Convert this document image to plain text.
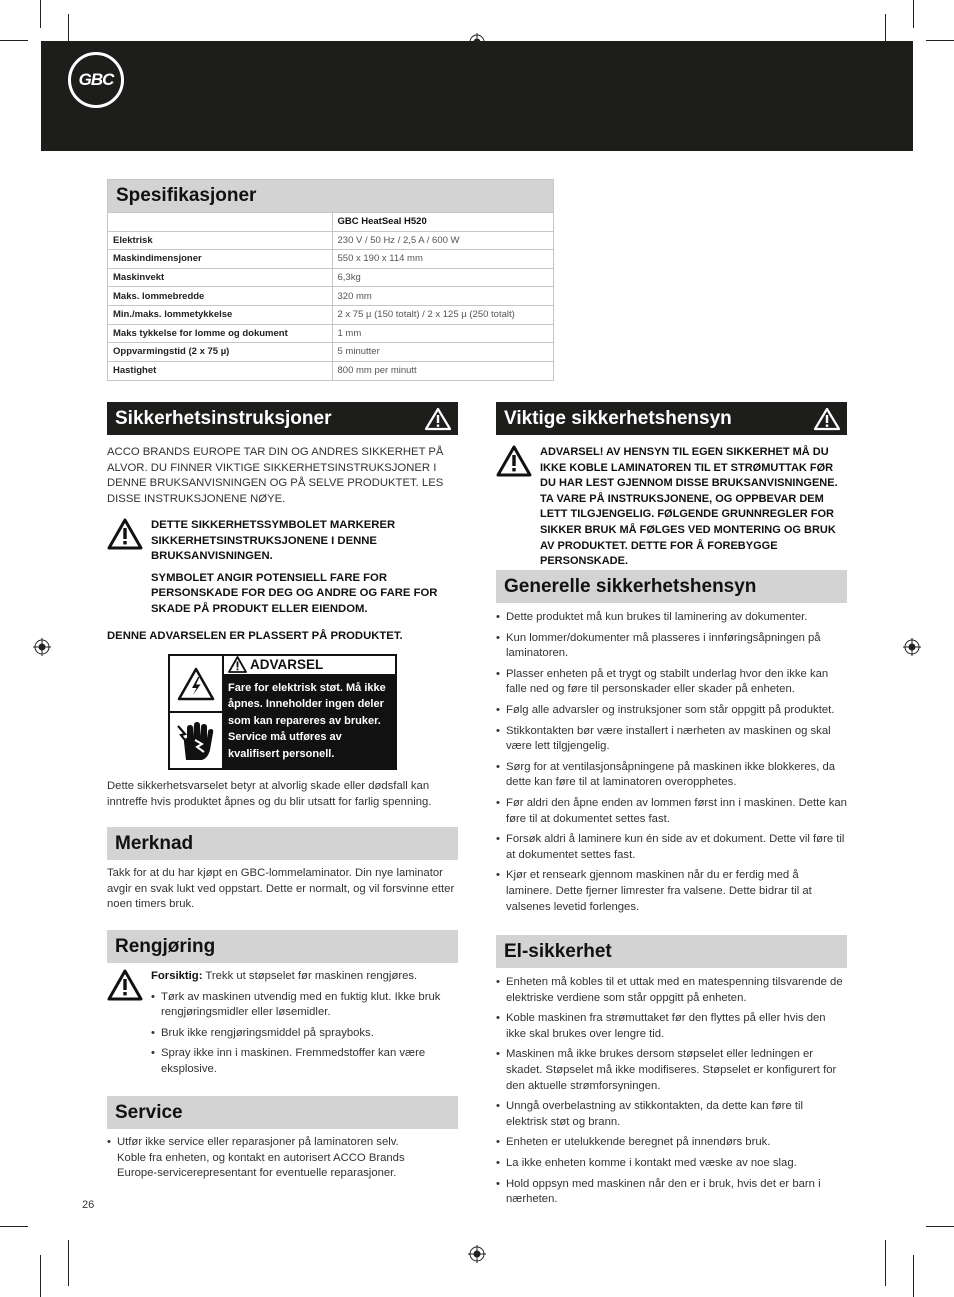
GBC
Spesifikasjoner
	GBC HeatSeal H520
Elektrisk	230 V / 50 Hz / 2,5 A / 600 W
Maskindimensjoner	550 x 190 x 114 mm
Maskinvekt	6,3kg
Maks. lommebredde	320 mm
Min./maks. lommetykkelse	2 x 75 µ (150 totalt) / 2 x 125 µ (250 totalt)
Maks tykkelse for lomme og dokument	1 mm
Oppvarmingstid (2 x 75 µ)	5 minutter
Hastighet	800 mm per minutt
Sikkerhetsinstruksjoner

ACCO BRANDS EUROPE TAR DIN OG ANDRES SIKKERHET PÅ ALVOR. DU FINNER VIKTIGE SIKKERHETSINSTRUKSJONER I DENNE BRUKSANVISNINGEN OG PÅ SELVE PRODUKTET. LES DISSE INSTRUKSJONENE NØYE.

DETTE SIKKERHETSSYMBOLET MARKERER SIKKERHETSINSTRUKSJONENE I DENNE BRUKSANVISNINGEN.

SYMBOLET ANGIR POTENSIELL FARE FOR PERSONSKADE FOR DEG OG ANDRE OG FARE FOR SKADE PÅ PRODUKT ELLER EIENDOM.

DENNE ADVARSELEN ER PLASSERT PÅ PRODUKTET.

ADVARSEL
Fare for elektrisk støt. Må ikke åpnes. Inneholder ingen deler som kan repareres av bruker. Service må utføres av kvalifisert personell.

Dette sikkerhetsvarselet betyr at alvorlig skade eller dødsfall kan inntreffe hvis produktet åpnes og du blir utsatt for farlig spenning.

Merknad

Takk for at du har kjøpt en GBC-lommelaminator. Din nye laminator avgir en svak lukt ved oppstart. Dette er normalt, og vil forsvinne etter noen timers bruk.

Rengjøring

Forsiktig: Trekk ut støpselet før maskinen rengjøres.

• Tørk av maskinen utvendig med en fuktig klut. Ikke bruk rengjøringsmidler eller løsemidler.

• Bruk ikke rengjøringsmiddel på sprayboks.

• Spray ikke inn i maskinen. Fremmedstoffer kan være eksplosive.

Service

• Utfør ikke service eller reparasjoner på laminatoren selv. Koble fra enheten, og kontakt en autorisert ACCO Brands Europe-servicerepresentant for eventuelle reparasjoner.

Viktige sikkerhetshensyn

ADVARSEL! AV HENSYN TIL EGEN SIKKERHET MÅ DU IKKE KOBLE LAMINATOREN TIL ET STRØMUTTAK FØR DU HAR LEST GJENNOM DISSE BRUKSANVISNINGENE. TA VARE PÅ INSTRUKSJONENE, OG OPPBEVAR DEM LETT TILGJENGELIG. FØLGENDE GRUNNREGLER FOR SIKKER BRUK MÅ FØLGES VED MONTERING OG BRUK AV PRODUKTET. DETTE FOR Å FOREBYGGE PERSONSKADE.

Generelle sikkerhetshensyn

• Dette produktet må kun brukes til laminering av dokumenter.

• Kun lommer/dokumenter må plasseres i innføringsåpningen på laminatoren.

• Plasser enheten på et trygt og stabilt underlag hvor den ikke kan falle ned og føre til personskader eller skader på enheten.

• Følg alle advarsler og instruksjoner som står oppgitt på produktet.

• Stikkontakten bør være installert i nærheten av maskinen og skal være lett tilgjengelig.

• Sørg for at ventilasjonsåpningene på maskinen ikke blokkeres, da dette kan føre til at laminatoren overopphetes.

• Før aldri den åpne enden av lommen først inn i maskinen. Dette kan føre til at dokumentet settes fast.

• Forsøk aldri å laminere kun én side av et dokument. Dette vil føre til at dokumentet settes fast.

• Kjør et renseark gjennom maskinen når du er ferdig med å laminere. Dette fjerner limrester fra valsene. Dette bidrar til at valsenes levetid forlenges.

El-sikkerhet

• Enheten må kobles til et uttak med en matespenning tilsvarende de elektriske verdiene som står oppgitt på enheten.

• Koble maskinen fra strømuttaket før den flyttes på eller hvis den ikke skal brukes over lengre tid.

• Maskinen må ikke brukes dersom støpselet eller ledningen er skadet. Støpselet må ikke modifiseres. Støpselet er konfigurert for den aktuelle strømforsyningen.

• Unngå overbelastning av stikkontakten, da dette kan føre til elektrisk støt og brann.

• Enheten er utelukkende beregnet på innendørs bruk.

• La ikke enheten komme i kontakt med væske av noe slag.

• Hold oppsyn med maskinen når den er i bruk, hvis det er barn i nærheten.

26
